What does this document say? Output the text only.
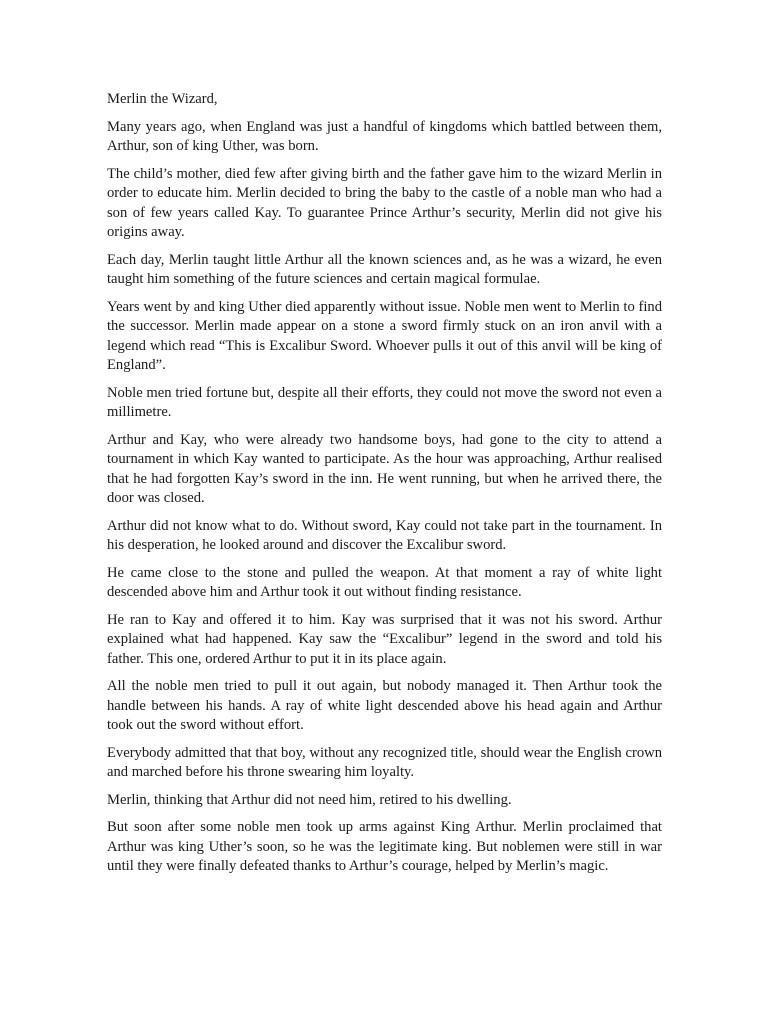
Merlin the Wizard,

Many years ago, when England was just a handful of kingdoms which battled between them, Arthur, son of king Uther, was born.

The child’s mother, died few after giving birth and the father gave him to the wizard Merlin in order to educate him. Merlin decided to bring the baby to the castle of a noble man who had a son of few years called Kay. To guarantee Prince Arthur’s security, Merlin did not give his origins away.

Each day, Merlin taught little Arthur all the known sciences and, as he was a wizard, he even taught him something of the future sciences and certain magical formulae.

Years went by and king Uther died apparently without issue. Noble men went to Merlin to find the successor. Merlin made appear on a stone a sword firmly stuck on an iron anvil with a legend which read “This is Excalibur Sword. Whoever pulls it out of this anvil will be king of England”.

Noble men tried fortune but, despite all their efforts, they could not move the sword not even a millimetre.

Arthur and Kay, who were already two handsome boys, had gone to the city to attend a tournament in which Kay wanted to participate. As the hour was approaching, Arthur realised that he had forgotten Kay’s sword in the inn. He went running, but when he arrived there, the door was closed.

Arthur did not know what to do. Without sword, Kay could not take part in the tournament. In his desperation, he looked around and discover the Excalibur sword.

He came close to the stone and pulled the weapon. At that moment a ray of white light descended above him and Arthur took it out without finding resistance.

He ran to Kay and offered it to him. Kay was surprised that it was not his sword. Arthur explained what had happened. Kay saw the “Excalibur” legend in the sword and told his father. This one, ordered Arthur to put it in its place again.

All the noble men tried to pull it out again, but nobody managed it. Then Arthur took the handle between his hands. A ray of white light descended above his head again and Arthur took out the sword without effort.

Everybody admitted that that boy, without any recognized title, should wear the English crown and marched before his throne swearing him loyalty.

Merlin, thinking that Arthur did not need him, retired to his dwelling.

But soon after some noble men took up arms against King Arthur. Merlin proclaimed that Arthur was king Uther’s soon, so he was the legitimate king. But noblemen were still in war until they were finally defeated thanks to Arthur’s courage, helped by Merlin’s magic.
